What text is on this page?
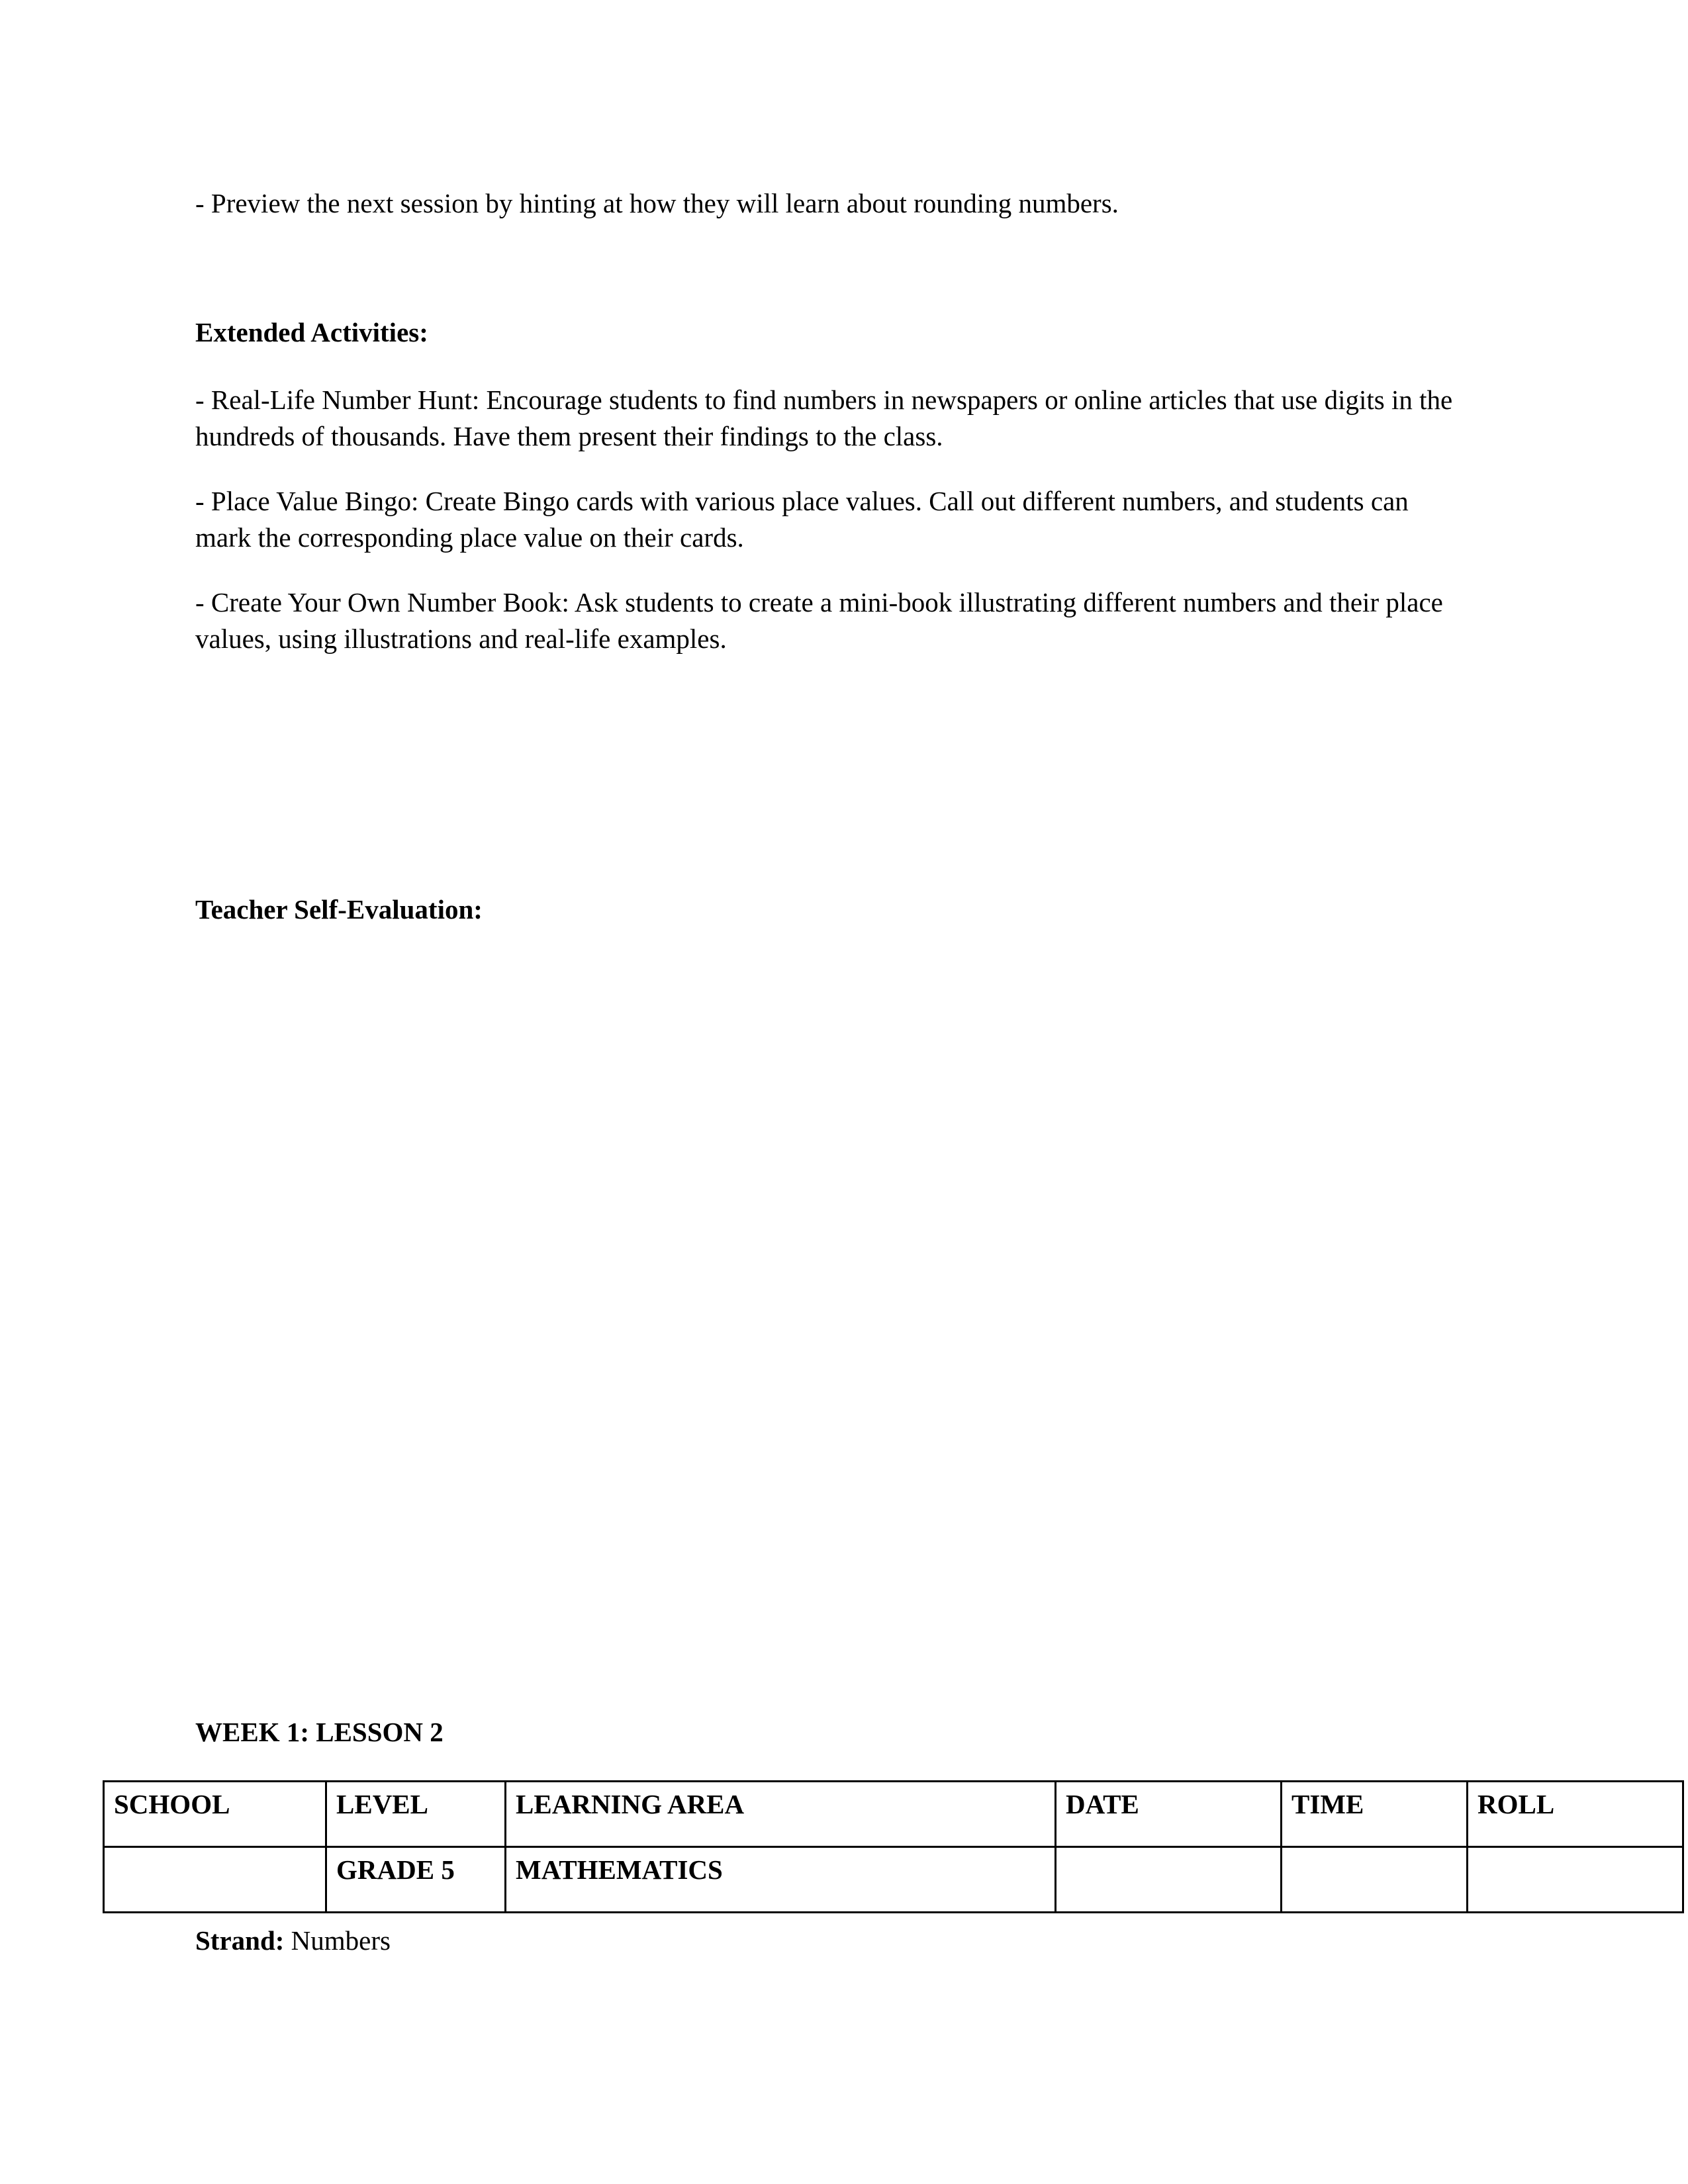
- Preview the next session by hinting at how they will learn about rounding numbers.

Extended Activities:

- Real-Life Number Hunt: Encourage students to find numbers in newspapers or online articles that use digits in the hundreds of thousands. Have them present their findings to the class.

- Place Value Bingo: Create Bingo cards with various place values. Call out different numbers, and students can mark the corresponding place value on their cards.

- Create Your Own Number Book: Ask students to create a mini-book illustrating different numbers and their place values, using illustrations and real-life examples.

Teacher Self-Evaluation:

WEEK 1: LESSON 2

SCHOOL	LEVEL	LEARNING AREA	DATE	TIME	ROLL
	GRADE 5	MATHEMATICS			

Strand: Numbers
